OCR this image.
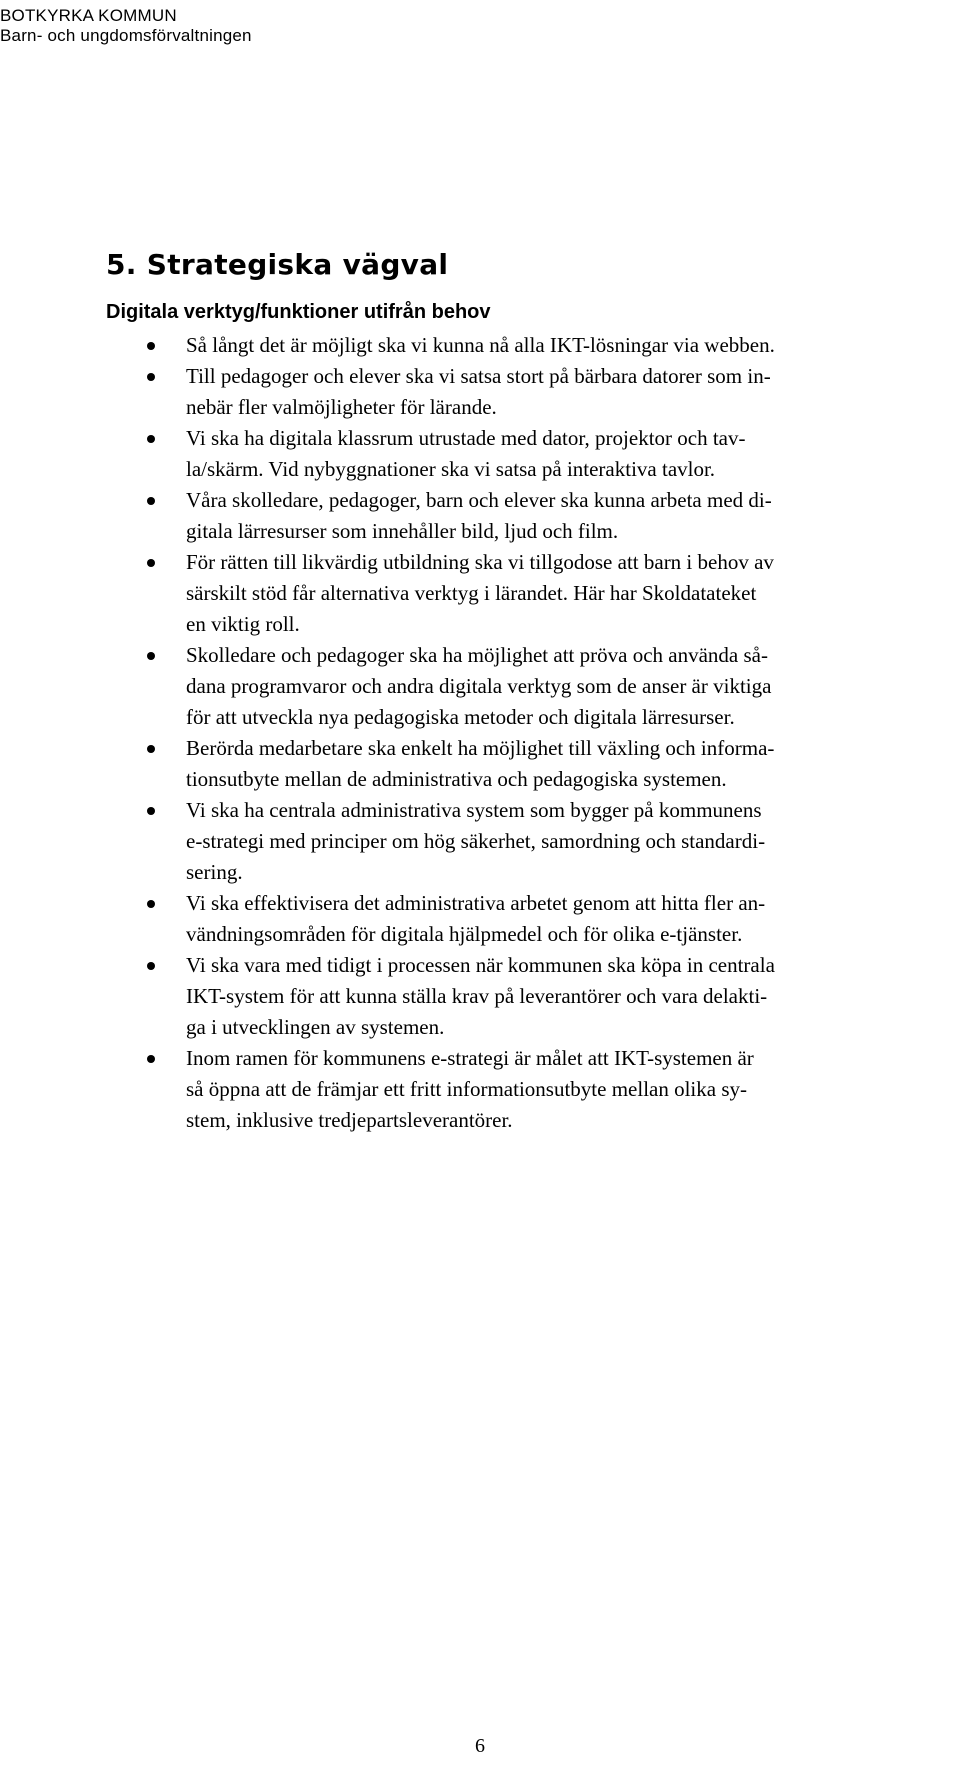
BOTKYRKA KOMMUN
Barn- och ungdomsförvaltningen
5. Strategiska vägval
Digitala verktyg/funktioner utifrån behov
Så långt det är möjligt ska vi kunna nå alla IKT-lösningar via webben.
Till pedagoger och elever ska vi satsa stort på bärbara datorer som in-
nebär fler valmöjligheter för lärande.
Vi ska ha digitala klassrum utrustade med dator, projektor och tav-
la/skärm. Vid nybyggnationer ska vi satsa på interaktiva tavlor.
Våra skolledare, pedagoger, barn och elever ska kunna arbeta med di-
gitala lärresurser som innehåller bild, ljud och film.
För rätten till likvärdig utbildning ska vi tillgodose att barn i behov av
särskilt stöd får alternativa verktyg i lärandet. Här har Skoldatateket
en viktig roll.
Skolledare och pedagoger ska ha möjlighet att pröva och använda så-
dana programvaror och andra digitala verktyg som de anser är viktiga
för att utveckla nya pedagogiska metoder och digitala lärresurser.
Berörda medarbetare ska enkelt ha möjlighet till växling och informa-
tionsutbyte mellan de administrativa och pedagogiska systemen.
Vi ska ha centrala administrativa system som bygger på kommunens
e-strategi med principer om hög säkerhet, samordning och standardi-
sering.
Vi ska effektivisera det administrativa arbetet genom att hitta fler an-
vändningsområden för digitala hjälpmedel och för olika e-tjänster.
Vi ska vara med tidigt i processen när kommunen ska köpa in centrala
IKT-system för att kunna ställa krav på leverantörer och vara delakti-
ga i utvecklingen av systemen.
Inom ramen för kommunens e-strategi är målet att IKT-systemen är
så öppna att de främjar ett fritt informationsutbyte mellan olika sy-
stem, inklusive tredjepartsleverantörer.
6
